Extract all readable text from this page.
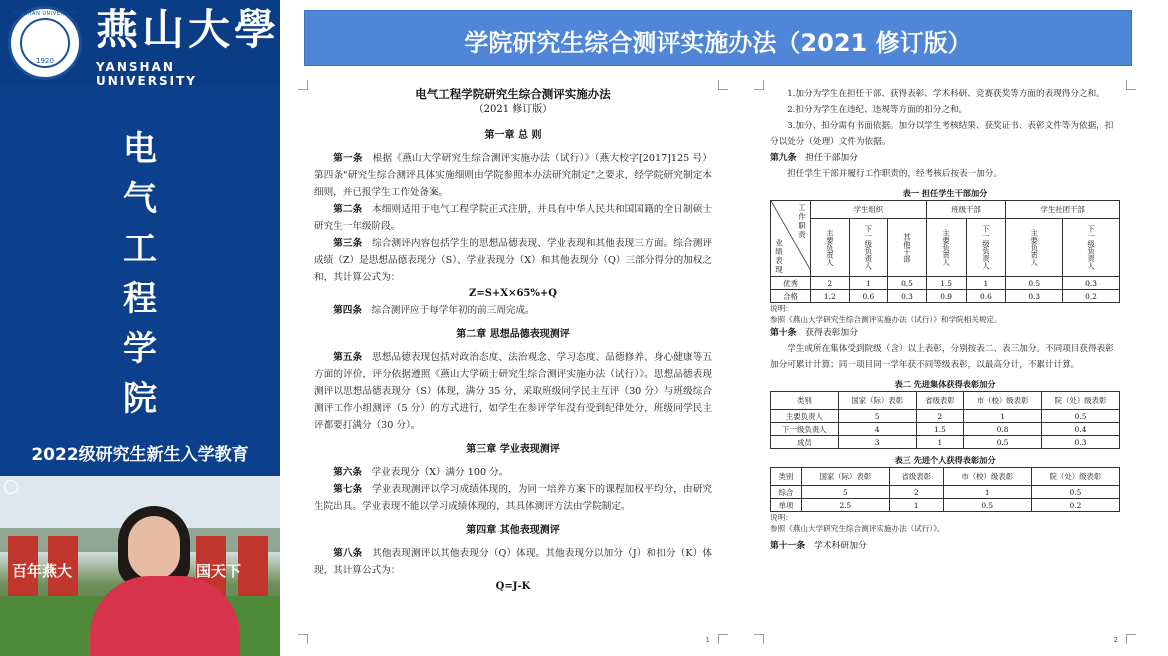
YANSHAN UNIVERSITY
1920
燕山大學
YANSHAN UNIVERSITY
电
气
工
程
学
院
2022级研究生新生入学教育
百年燕大	国天下
学院研究生综合测评实施办法（2021 修订版）
电气工程学院研究生综合测评实施办法
（2021 修订版）
第一章 总 则

第一条　 根据《燕山大学研究生综合测评实施办法（试行）》（燕大校字[2017]125 号）第四条"研究生综合测评具体实施细则由学院参照本办法研究制定"之要求，经学院研究制定本细则，并已报学生工作处备案。

第二条　 本细则适用于电气工程学院正式注册，并具有中华人民共和国国籍的全日制硕士研究生一年级阶段。

第三条　 综合测评内容包括学生的思想品德表现、学业表现和其他表现三方面。综合测评成绩（Z）是思想品德表现分（S）、学业表现分（X）和其他表现分（Q）三部分得分的加权之和，其计算公式为：

Z=S+X×65%+Q

第四条　 综合测评应于每学年初的前三周完成。

第二章 思想品德表现测评

第五条　 思想品德表现包括对政治态度、法治观念、学习态度、品德修养、身心健康等五方面的评价，评分依据遵照《燕山大学硕士研究生综合测评实施办法（试行）》。思想品德表现测评以思想品德表现分（S）体现，满分 35 分，采取班级同学民主互评（30 分）与班级综合测评工作小组测评（5 分）的方式进行，如学生在参评学年没有受到纪律处分，班级同学民主评都要打满分（30 分）。

第三章 学业表现测评

第六条　 学业表现分（X）满分 100 分。

第七条　 学业表现测评以学习成绩体现的，为同一培养方案下的课程加权平均分，由研究生院出具。学业表现不能以学习成绩体现的，其具体测评方法由学院制定。

第四章 其他表现测评

第八条　 其他表现测评以其他表现分（Q）体现。其他表现分以加分（J）和扣分（K）体现，其计算公式为：

Q=J-K
1

1.加分为学生在担任干部、获得表彰、学术科研、竞赛获奖等方面的表现得分之和。

2.扣分为学生在违纪、违规等方面的扣分之和。

3.加分、扣分需有书面依据。加分以学生考核结果、获奖证书、表彰文件等为依据，扣分以处分（处理）文件为依据。

第九条　 担任干部加分

担任学生干部并履行工作职责的，经考核后按表一加分。

表一 担任学生干部加分
工作职责
业绩表现	学生组织			班级干部		学生社团干部	
	主要负责人	下一级负责人	其他干部	主要负责人	下一级负责人	主要负责人	下一级负责人
优秀	2	1	0.5	1.5	1	0.5	0.3
合格	1.2	0.6	0.3	0.9	0.6	0.3	0.2
说明：
参照《燕山大学研究生综合测评实施办法（试行）》和学院相关规定。
第十条　 获得表彰加分

学生或所在集体受到院级（含）以上表彰，分别按表二、表三加分。不同项目获得表彰加分可累计计算；同一项目同一学年获不同等级表彰，以最高分计，不累计计算。

表二 先进集体获得表彰加分
类别	国家（际）表彰	省级表彰	市（校）级表彰	院（处）级表彰
主要负责人	5	2	1	0.5
下一级负责人	4	1.5	0.8	0.4
成员	3	1	0.5	0.3
表三 先进个人获得表彰加分
类别	国家（际）表彰	省级表彰	市（校）级表彰	院（处）级表彰
综合	5	2	1	0.5
单项	2.5	1	0.5	0.2
说明：
参照《燕山大学研究生综合测评实施办法（试行）》。
第十一条　 学术科研加分
2
